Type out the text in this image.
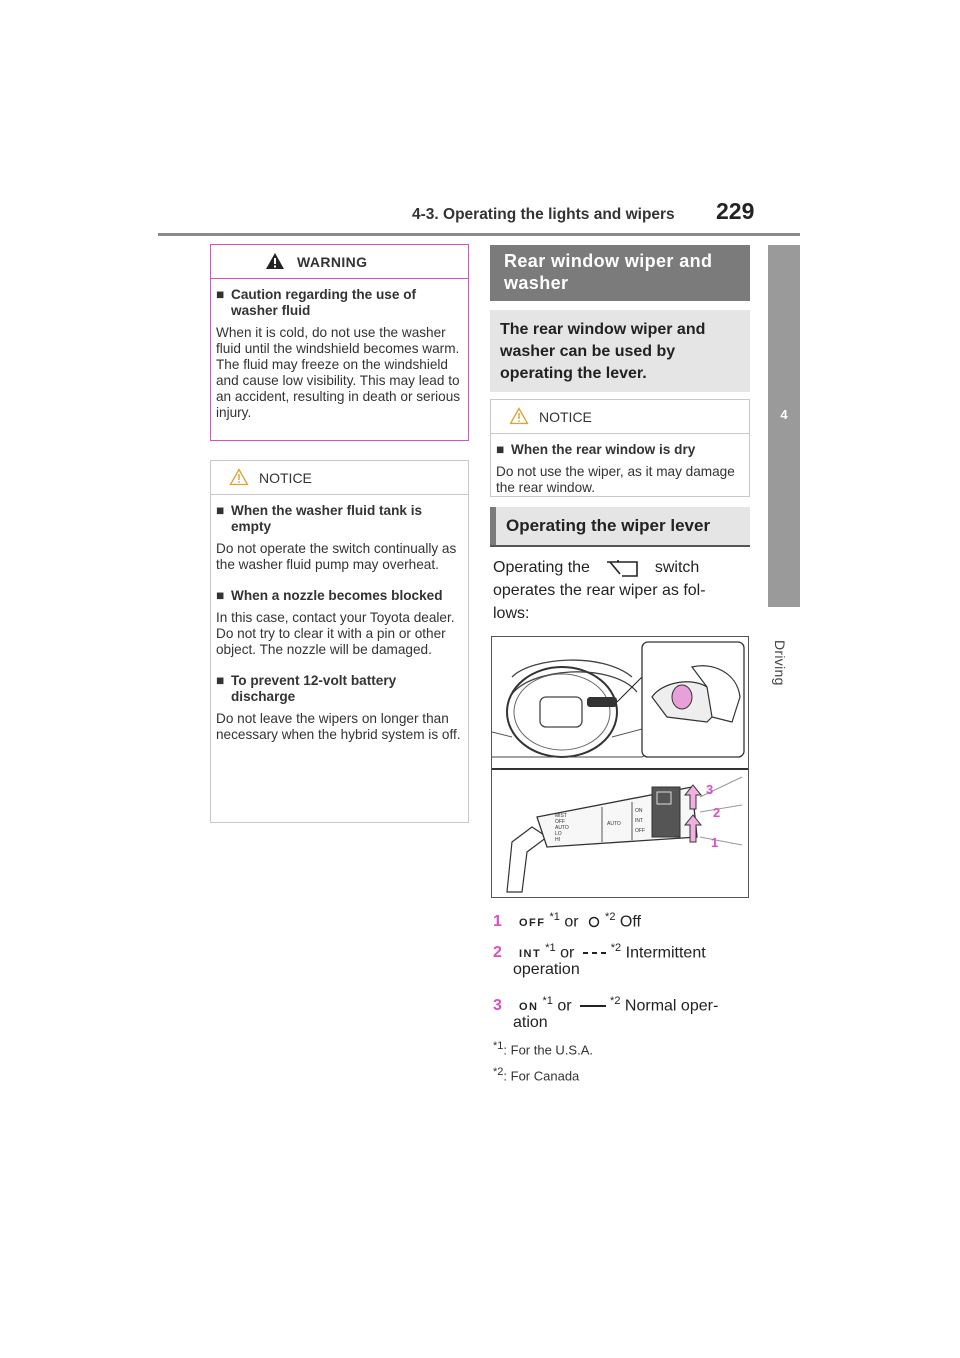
4-3. Operating the lights and wipers 229
4
Driving
WARNING
■ Caution regarding the use of washer fluid
When it is cold, do not use the washer fluid until the windshield becomes warm. The fluid may freeze on the windshield and cause low visibility. This may lead to an accident, resulting in death or serious injury.
NOTICE
■ When the washer fluid tank is empty
Do not operate the switch continually as the washer fluid pump may overheat.
■ When a nozzle becomes blocked
In this case, contact your Toyota dealer. Do not try to clear it with a pin or other object. The nozzle will be damaged.
■ To prevent 12-volt battery discharge
Do not leave the wipers on longer than necessary when the hybrid system is off.
Rear window wiper and washer
The rear window wiper and washer can be used by operating the lever.
NOTICE
■ When the rear window is dry
Do not use the wiper, as it may damage the rear window.
Operating the wiper lever
Operating the	switch
operates the rear wiper as fol-
lows:
MIST
OFF
AUTO
LO
HI
AUTO
ON
INT
OFF
3
2
1
1 OFF$^{*1}$ or $^{*2}$ Off
2 INT$^{*1}$ or	$^{*2}$ Intermittent
operation
3 ON$^{*1}$ or	$^{*2}$ Normal oper-
ation
$^{*1}$: For the U.S.A.
$^{*2}$: For Canada
